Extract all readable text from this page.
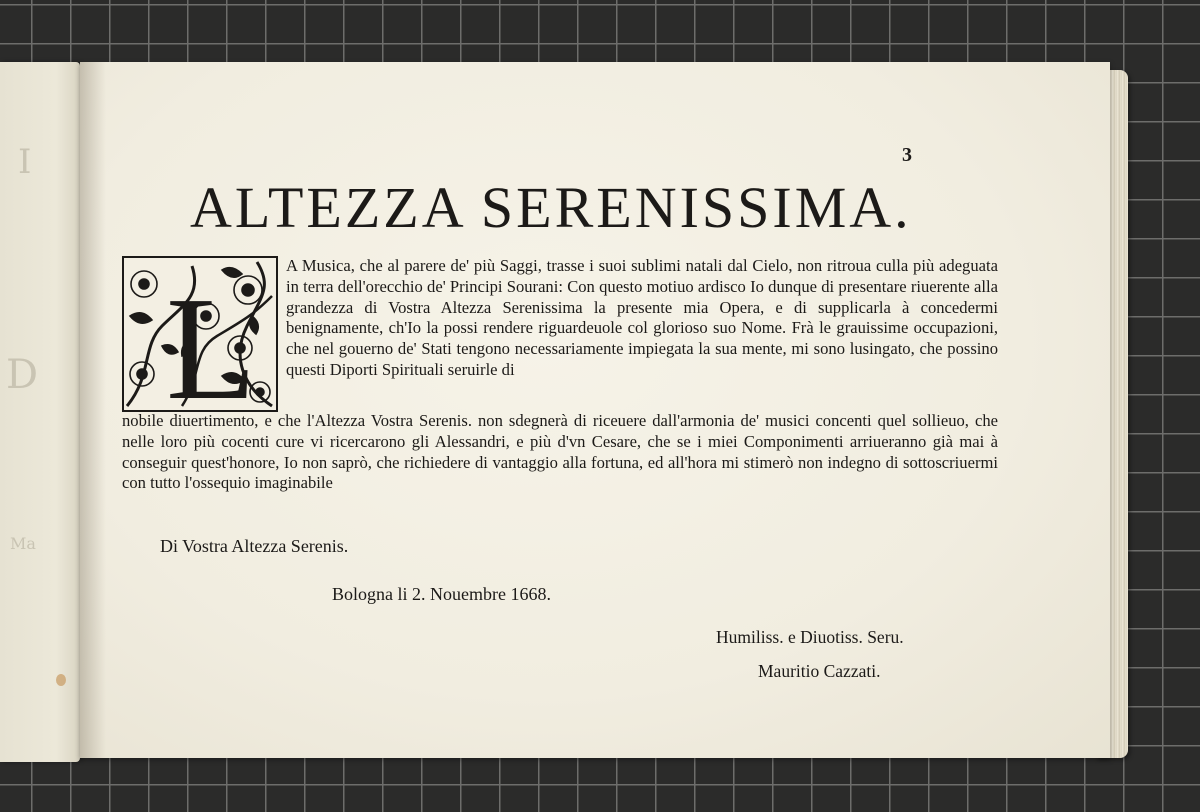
I
D
Ma
3
ALTEZZA SERENISSIMA.
L

A Musica, che al parere de' più Saggi, trasse i suoi sublimi natali dal Cielo, non ritroua culla più adeguata in terra dell'orecchio de' Principi Sourani: Con questo motiuo ardisco Io dunque di presentare riuerente alla grandezza di Vostra Altezza Serenissima la presente mia Opera, e di supplicarla à concedermi benignamente, ch'Io la possi rendere riguardeuole col glorioso suo Nome. Frà le grauissime occupazioni, che nel gouerno de' Stati tengono necessariamente impiegata la sua mente, mi sono lusingato, che possino questi Diporti Spirituali seruirle di

nobile diuertimento, e che l'Altezza Vostra Serenis. non sdegnerà di riceuere dall'armonia de' musici concenti quel sollieuo, che nelle loro più cocenti cure vi ricercarono gli Alessandri, e più d'vn Cesare, che se i miei Componimenti arriueranno già mai à conseguir quest'honore, Io non saprò, che richiedere di vantaggio alla fortuna, ed all'hora mi stimerò non indegno di sottoscriuermi con tutto l'ossequio imaginabile

Di Vostra Altezza Serenis.

Bologna li 2. Nouembre 1668.

Humiliss. e Diuotiss. Seru.

Mauritio Cazzati.
